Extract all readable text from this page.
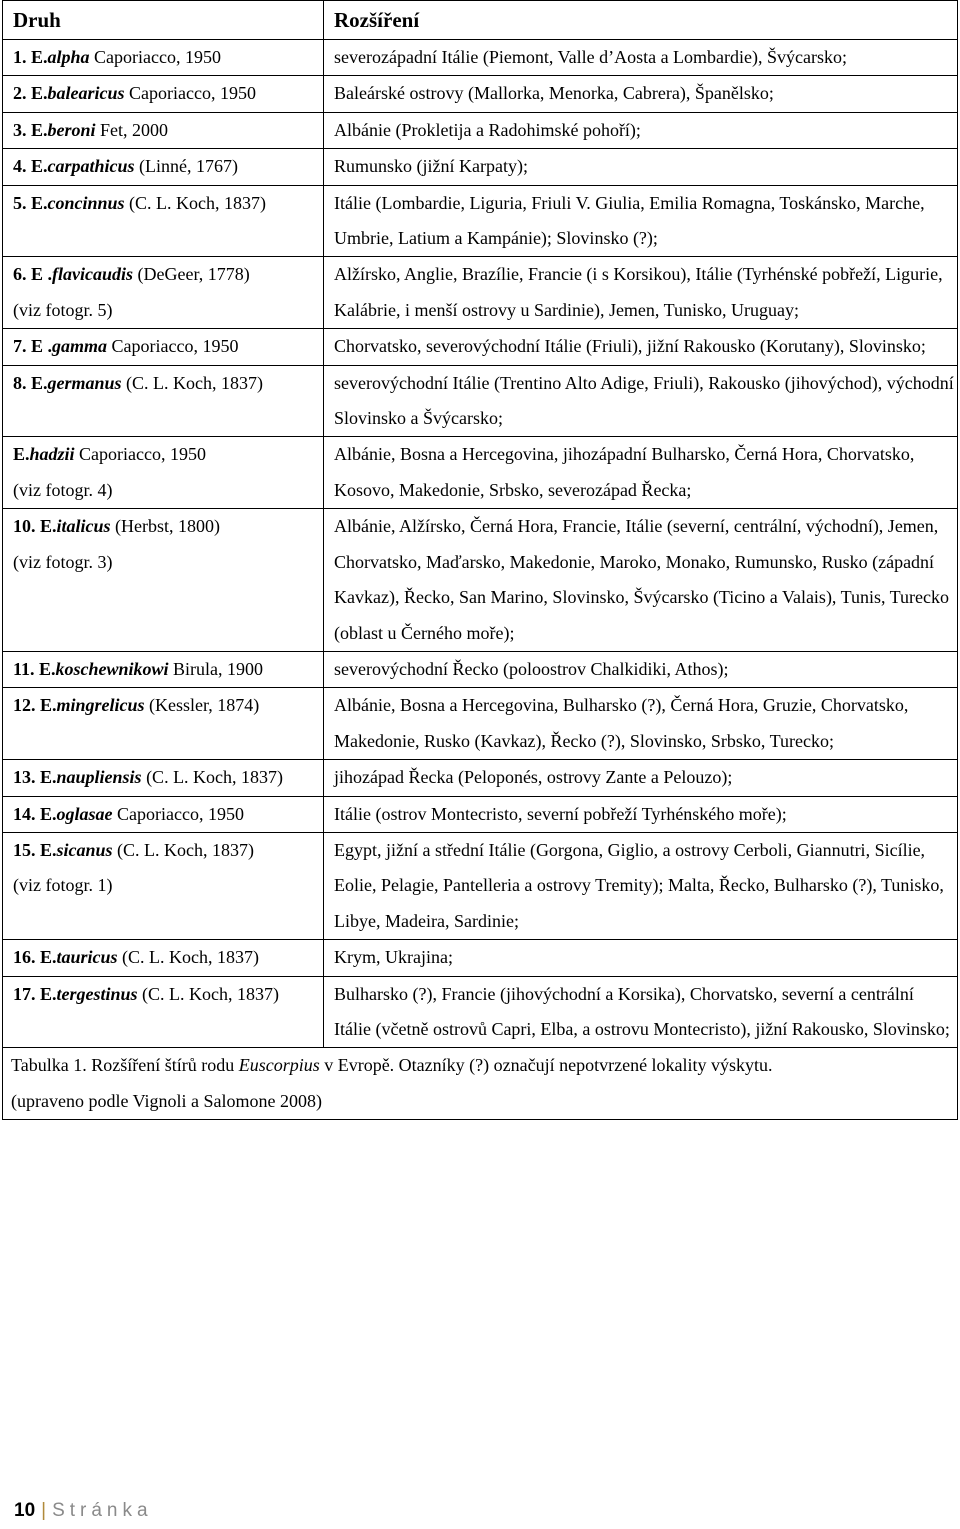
Druh	Rozšíření
1. E.alpha Caporiacco, 1950	severozápadní Itálie (Piemont, Valle d’Aosta a Lombardie), Švýcarsko;
2. E.balearicus Caporiacco, 1950	Baleárské ostrovy (Mallorka, Menorka, Cabrera), Španělsko;
3. E.beroni Fet, 2000	Albánie (Prokletija a Radohimské pohoří);
4. E.carpathicus (Linné, 1767)	Rumunsko (jižní Karpaty);
5. E.concinnus (C. L. Koch, 1837)	Itálie (Lombardie, Liguria, Friuli V. Giulia, Emilia Romagna, Toskánsko, Marche, Umbrie, Latium a Kampánie); Slovinsko (?);
6. E .flavicaudis (DeGeer, 1778)
(viz fotogr. 5)	Alžírsko, Anglie, Brazílie, Francie (i s Korsikou), Itálie (Tyrhénské pobřeží, Ligurie, Kalábrie, i menší ostrovy u Sardinie), Jemen, Tunisko, Uruguay;
7. E .gamma Caporiacco, 1950	Chorvatsko, severovýchodní Itálie (Friuli), jižní Rakousko (Korutany), Slovinsko;
8. E.germanus (C. L. Koch, 1837)	severovýchodní Itálie (Trentino Alto Adige, Friuli), Rakousko (jihovýchod), východní Slovinsko a Švýcarsko;
E.hadzii Caporiacco, 1950
(viz fotogr. 4)	Albánie, Bosna a Hercegovina, jihozápadní Bulharsko, Černá Hora, Chorvatsko, Kosovo, Makedonie, Srbsko, severozápad Řecka;
10. E.italicus (Herbst, 1800)
(viz fotogr. 3)	Albánie, Alžírsko, Černá Hora, Francie, Itálie (severní, centrální, východní), Jemen, Chorvatsko, Maďarsko, Makedonie, Maroko, Monako, Rumunsko, Rusko (západní Kavkaz), Řecko, San Marino, Slovinsko, Švýcarsko (Ticino a Valais), Tunis, Turecko (oblast u Černého moře);
11. E.koschewnikowi Birula, 1900	severovýchodní Řecko (poloostrov Chalkidiki, Athos);
12. E.mingrelicus (Kessler, 1874)	Albánie, Bosna a Hercegovina, Bulharsko (?), Černá Hora, Gruzie, Chorvatsko, Makedonie, Rusko (Kavkaz), Řecko (?), Slovinsko, Srbsko, Turecko;
13. E.naupliensis (C. L. Koch, 1837)	jihozápad Řecka (Peloponés, ostrovy Zante a Pelouzo);
14. E.oglasae Caporiacco, 1950	Itálie (ostrov Montecristo, severní pobřeží Tyrhénského moře);
15. E.sicanus (C. L. Koch, 1837)
(viz fotogr. 1)	Egypt, jižní a střední Itálie (Gorgona, Giglio, a ostrovy Cerboli, Giannutri, Sicílie, Eolie, Pelagie, Pantelleria a ostrovy Tremity); Malta, Řecko, Bulharsko (?), Tunisko, Libye, Madeira, Sardinie;
16. E.tauricus (C. L. Koch, 1837)	Krym, Ukrajina;
17. E.tergestinus (C. L. Koch, 1837)	Bulharsko (?), Francie (jihovýchodní a Korsika), Chorvatsko, severní a centrální Itálie (včetně ostrovů Capri, Elba, a ostrovu Montecristo), jižní Rakousko, Slovinsko;
Tabulka 1. Rozšíření štírů rodu Euscorpius v Evropě. Otazníky (?) označují nepotvrzené lokality výskytu.
(upraveno podle Vignoli a Salomone 2008)	
10 | Stránka
